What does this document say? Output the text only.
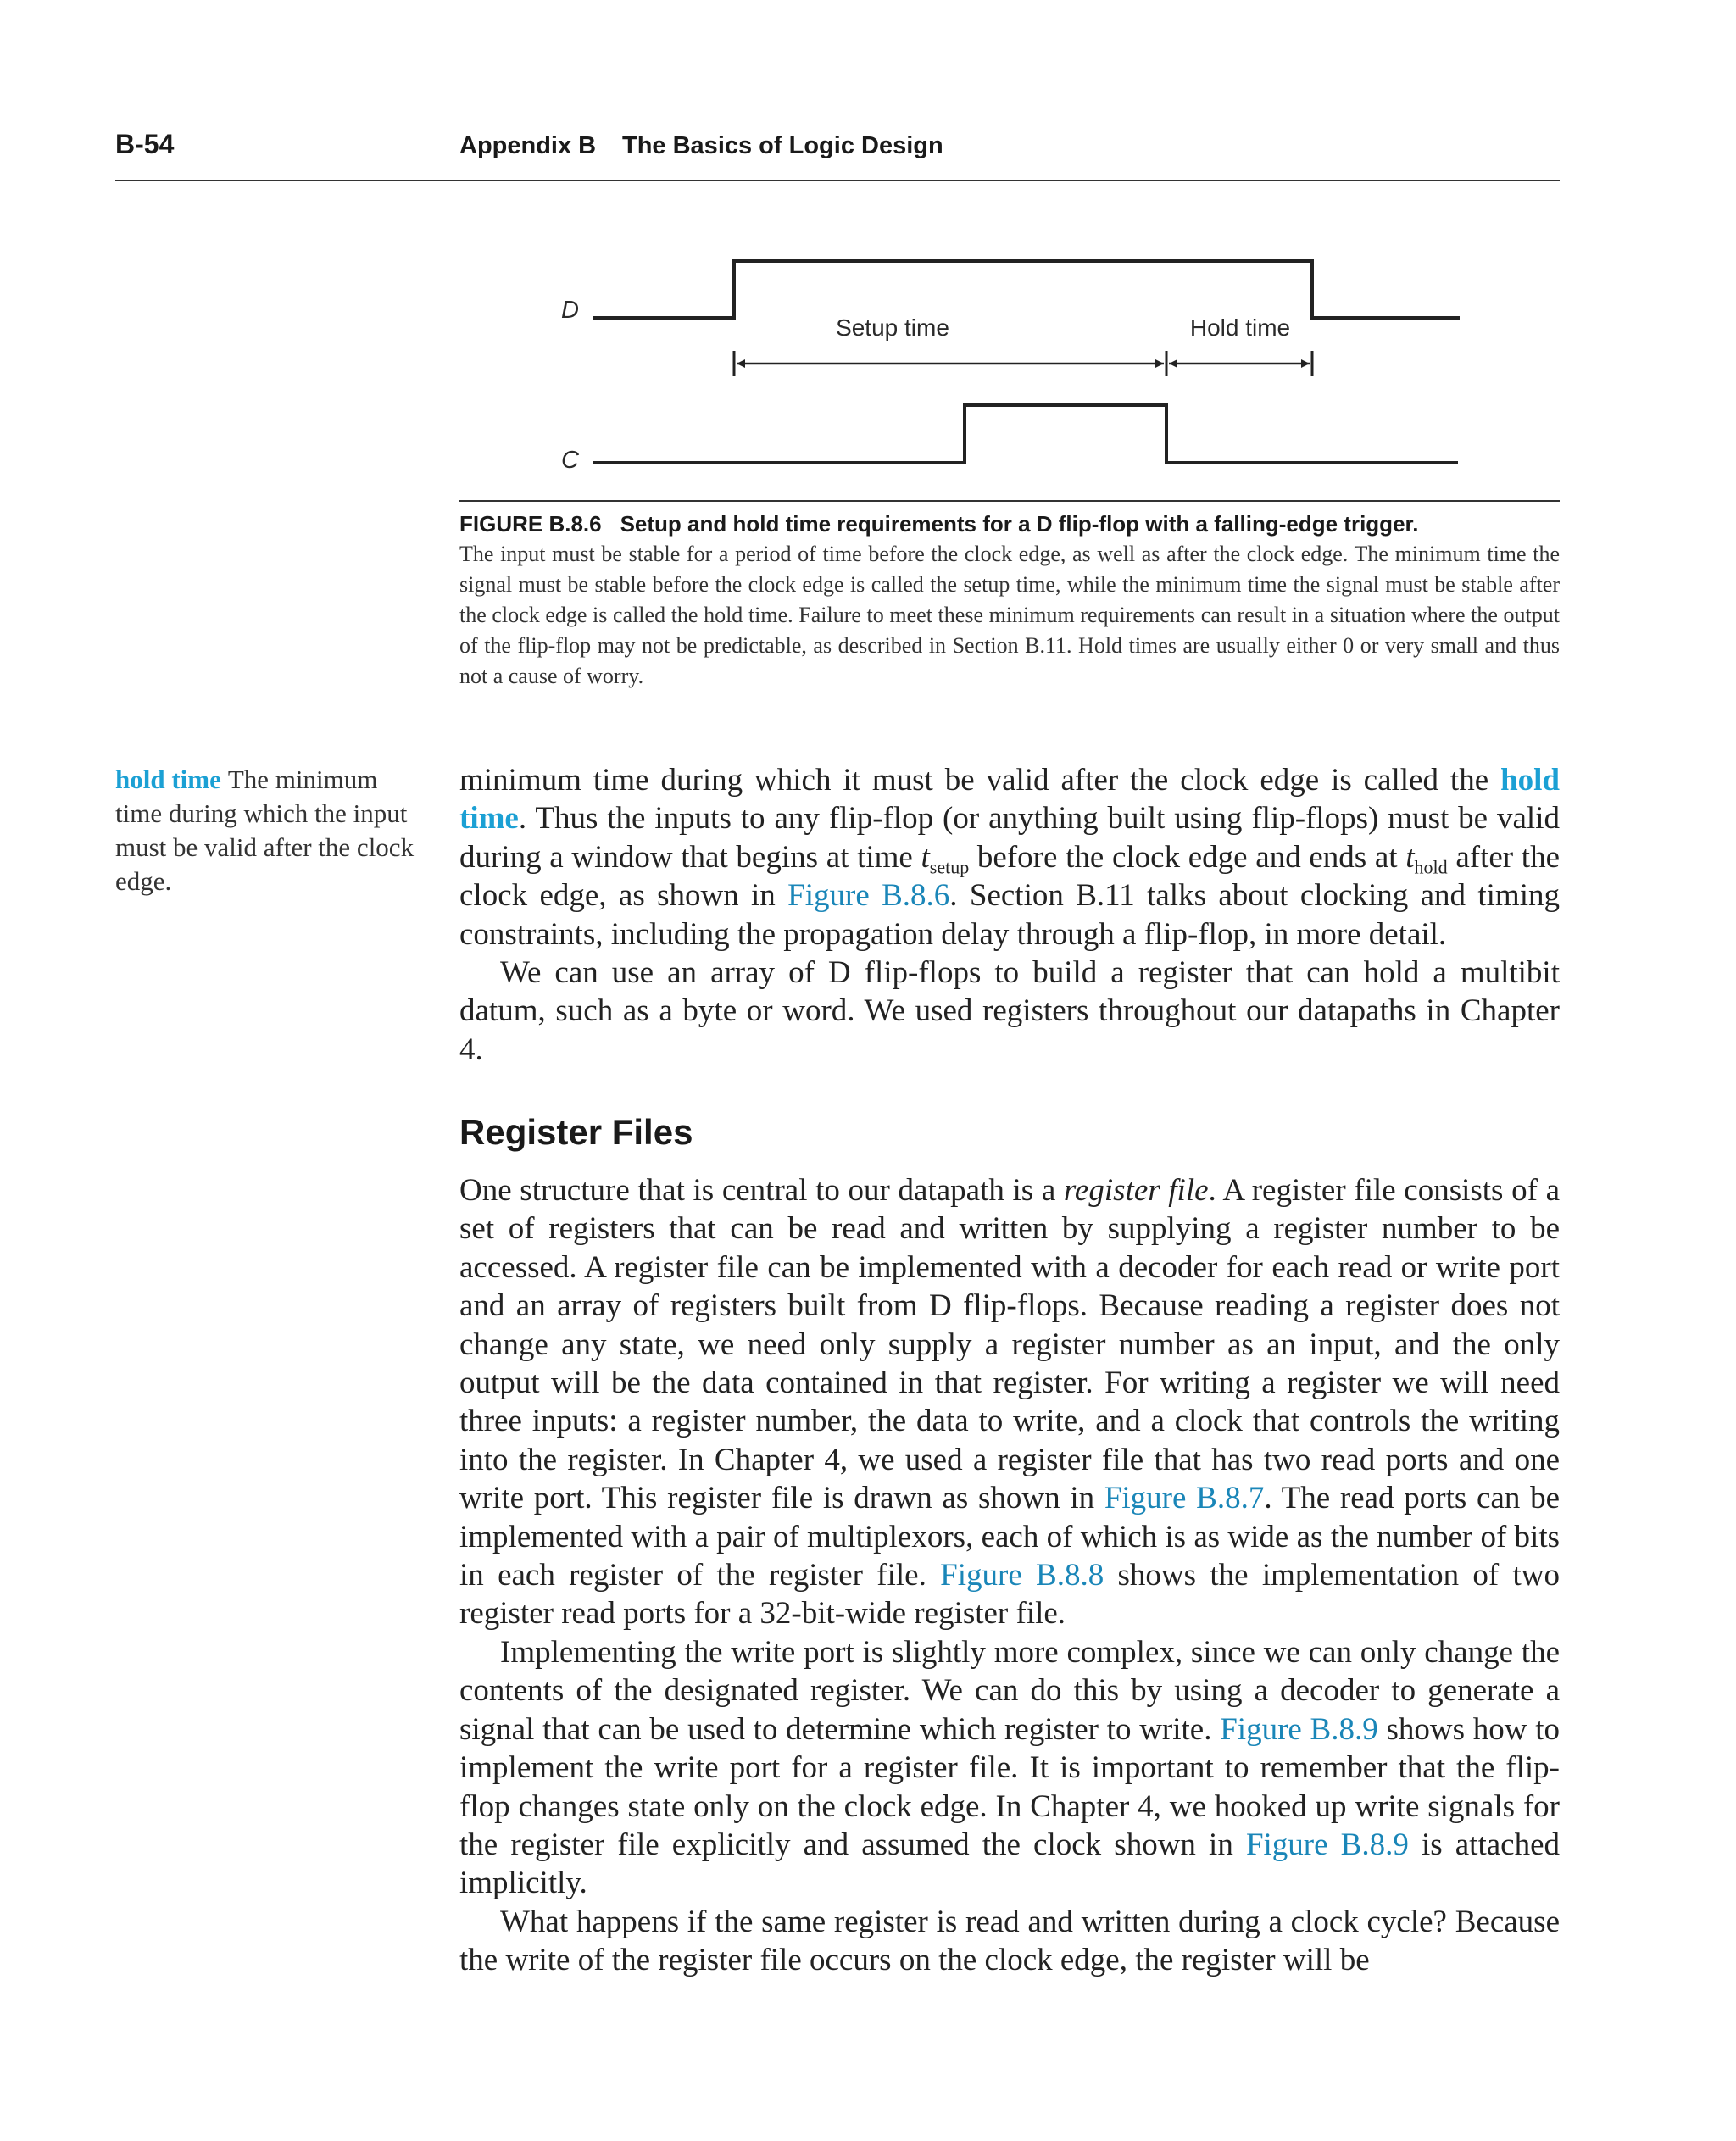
B-54	Appendix B The Basics of Logic Design
D
Setup time	Hold time
C
FIGURE B.8.6 Setup and hold time requirements for a D flip-flop with a falling-edge trigger.
The input must be stable for a period of time before the clock edge, as well as after the clock edge. The minimum time the signal must be stable before the clock edge is called the setup time, while the minimum time the signal must be stable after the clock edge is called the hold time. Failure to meet these minimum requirements can result in a situation where the output of the flip-flop may not be predictable, as described in Section B.11. Hold times are usually either 0 or very small and thus not a cause of worry.
hold time The minimum time during which the input must be valid after the clock edge.

minimum time during which it must be valid after the clock edge is called the hold time. Thus the inputs to any flip-flop (or anything built using flip-flops) must be valid during a window that begins at time $t_{setup}$ before the clock edge and ends at $t_{hold}$ after the clock edge, as shown in Figure B.8.6. Section B.11 talks about clocking and timing constraints, including the propagation delay through a flip-flop, in more detail.

We can use an array of D flip-flops to build a register that can hold a multibit datum, such as a byte or word. We used registers throughout our datapaths in Chapter 4.

Register Files

One structure that is central to our datapath is a register file. A register file consists of a set of registers that can be read and written by supplying a register number to be accessed. A register file can be implemented with a decoder for each read or write port and an array of registers built from D flip-flops. Because reading a register does not change any state, we need only supply a register number as an input, and the only output will be the data contained in that register. For writing a register we will need three inputs: a register number, the data to write, and a clock that controls the writing into the register. In Chapter 4, we used a register file that has two read ports and one write port. This register file is drawn as shown in Figure B.8.7. The read ports can be implemented with a pair of multiplexors, each of which is as wide as the number of bits in each register of the register file. Figure B.8.8 shows the implementation of two register read ports for a 32-bit-wide register file.

Implementing the write port is slightly more complex, since we can only change the contents of the designated register. We can do this by using a decoder to generate a signal that can be used to determine which register to write. Figure B.8.9 shows how to implement the write port for a register file. It is important to remember that the flip-flop changes state only on the clock edge. In Chapter 4, we hooked up write signals for the register file explicitly and assumed the clock shown in Figure B.8.9 is attached implicitly.

What happens if the same register is read and written during a clock cycle? Because the write of the register file occurs on the clock edge, the register will be
